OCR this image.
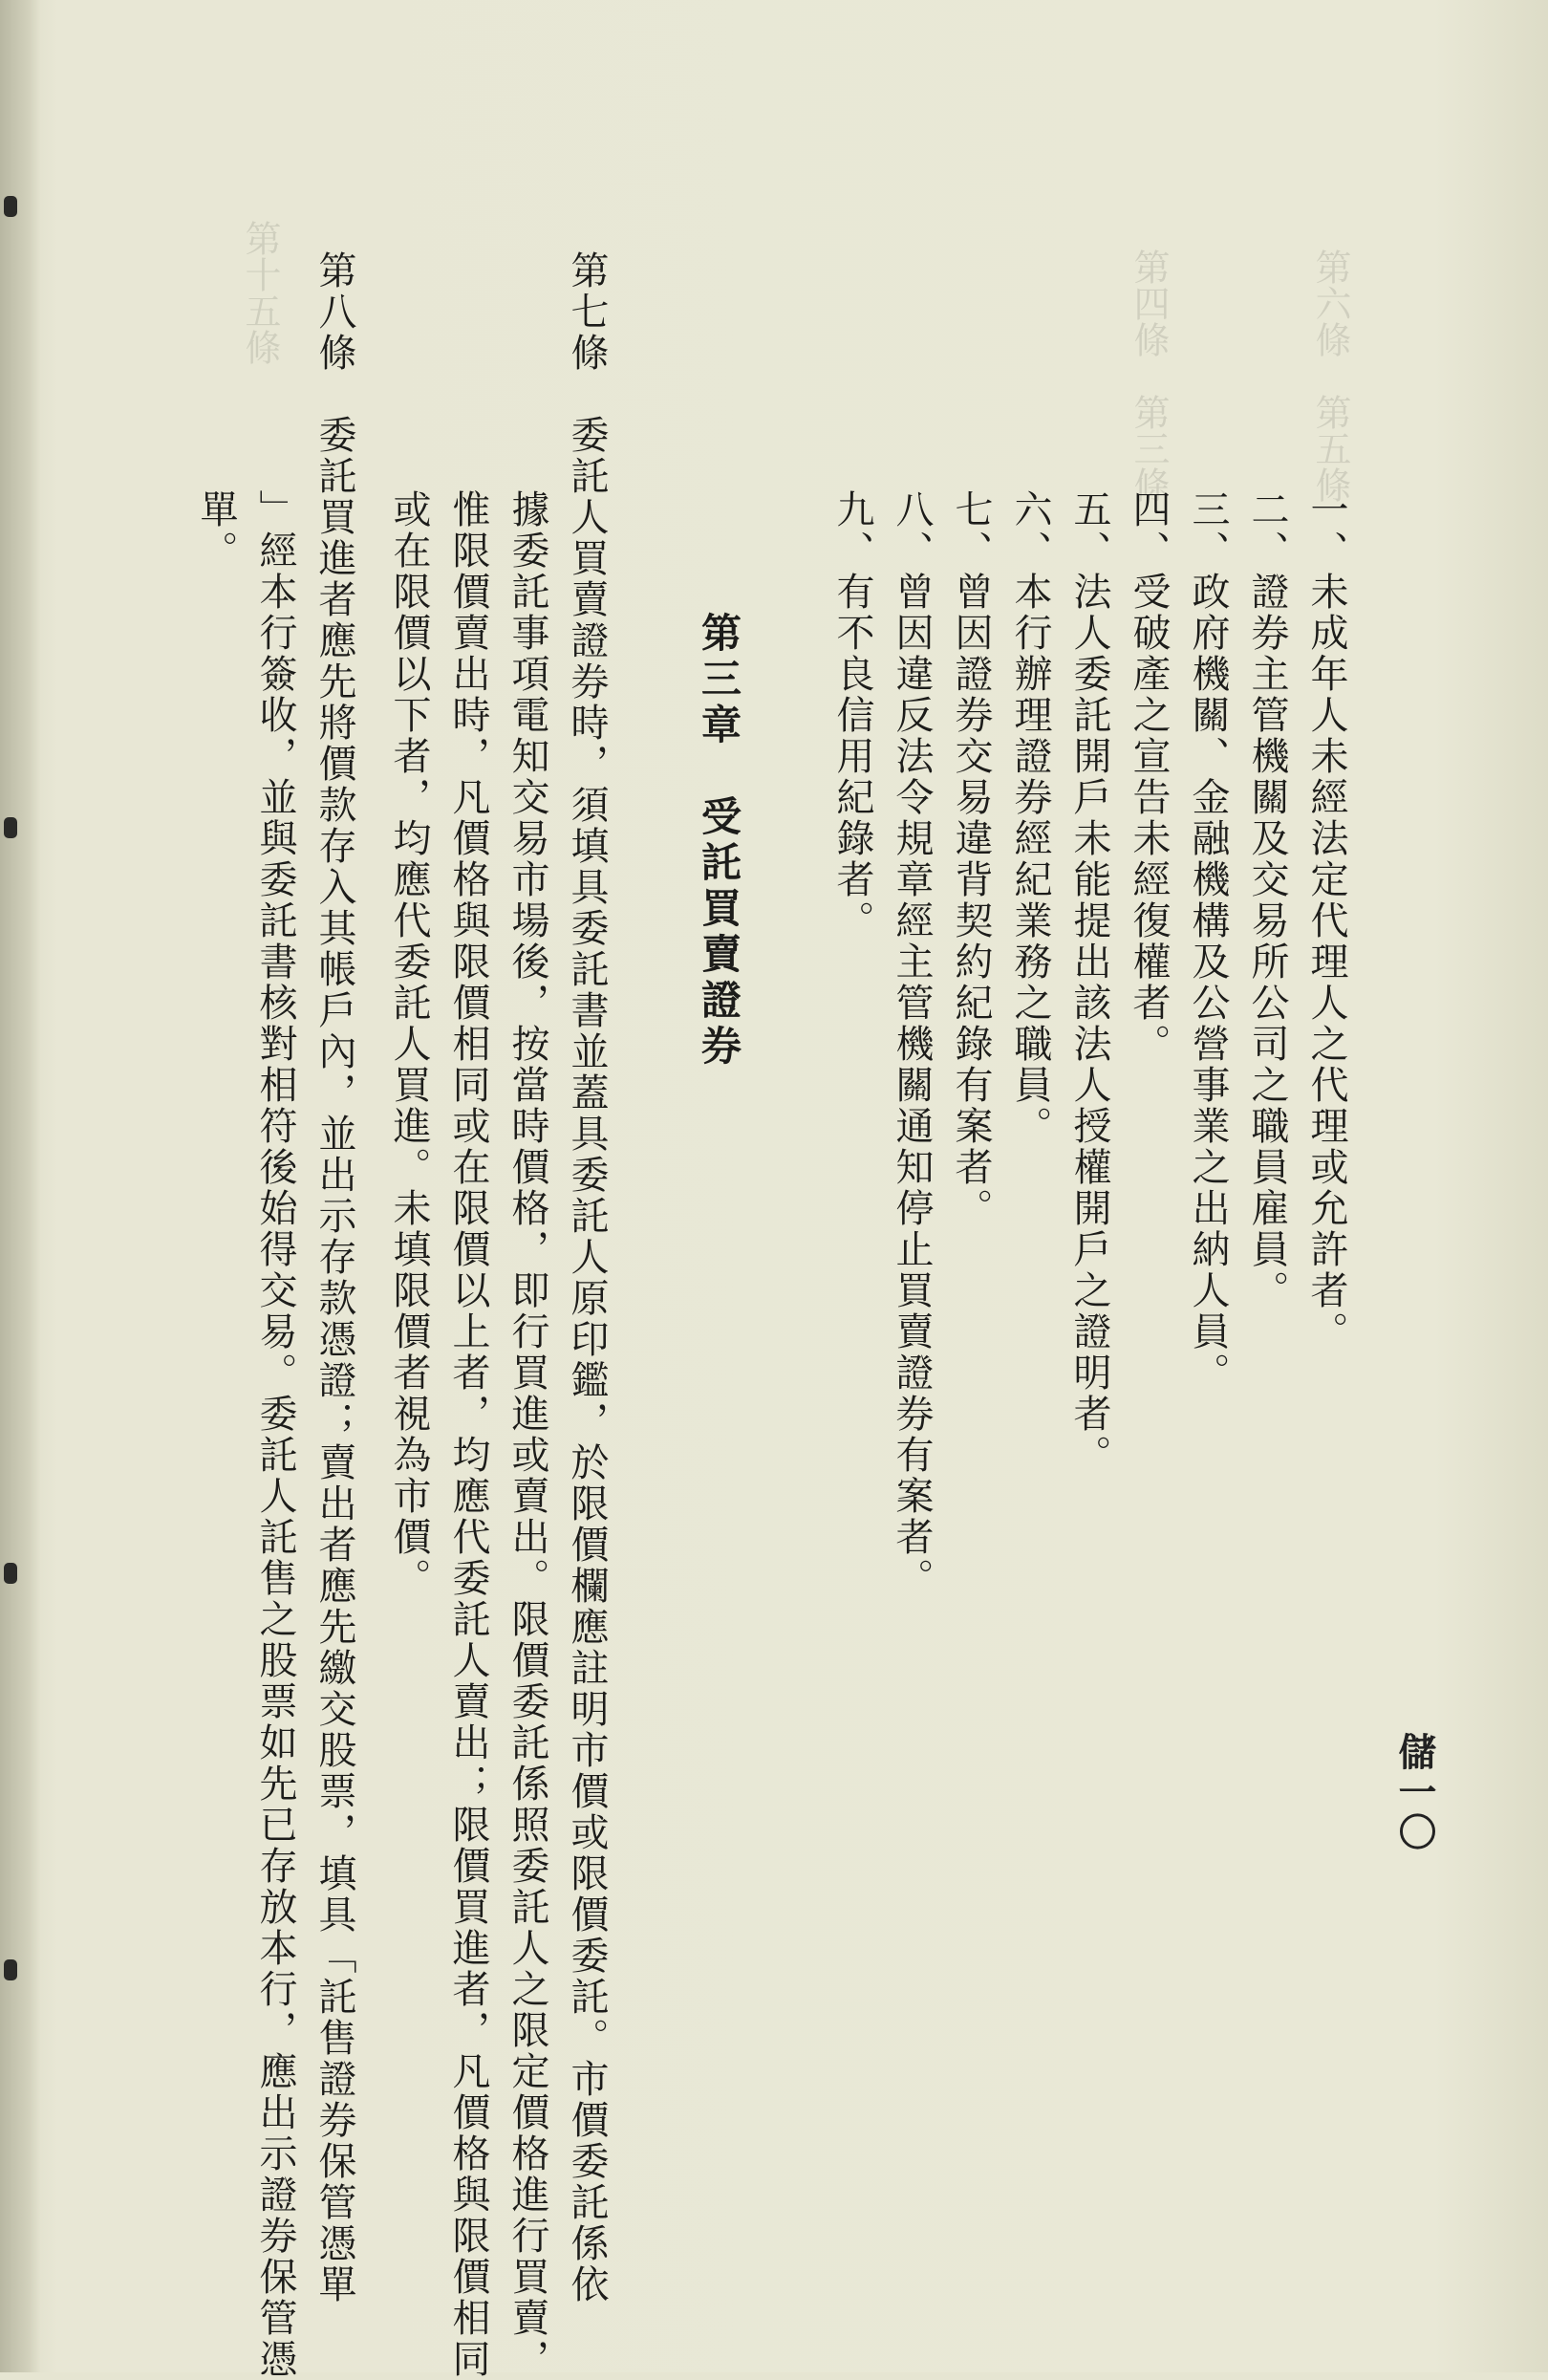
第六條　第五條
第四條　第三條
第十五條
儲一〇
一、未成年人未經法定代理人之代理或允許者。
二、證券主管機關及交易所公司之職員雇員。
三、政府機關、金融機構及公營事業之出納人員。
四、受破產之宣告未經復權者。
五、法人委託開戶未能提出該法人授權開戶之證明者。
六、本行辦理證券經紀業務之職員。
七、曾因證券交易違背契約紀錄有案者。
八、曾因違反法令規章經主管機關通知停止買賣證券有案者。
九、有不良信用紀錄者。
第三章　受託買賣證券
第七條　委託人買賣證券時，須填具委託書並蓋具委託人原印鑑，於限價欄應註明市價或限價委託。市價委託係依
據委託事項電知交易市場後，按當時價格，即行買進或賣出。限價委託係照委託人之限定價格進行買賣，
惟限價賣出時，凡價格與限價相同或在限價以上者，均應代委託人賣出；限價買進者，凡價格與限價相同
或在限價以下者，均應代委託人買進。未填限價者視為市價。
第八條　委託買進者應先將價款存入其帳戶內，並出示存款憑證；賣出者應先繳交股票，填具「託售證券保管憑單
」經本行簽收，並與委託書核對相符後始得交易。委託人託售之股票如先已存放本行，應出示證券保管憑
單。
